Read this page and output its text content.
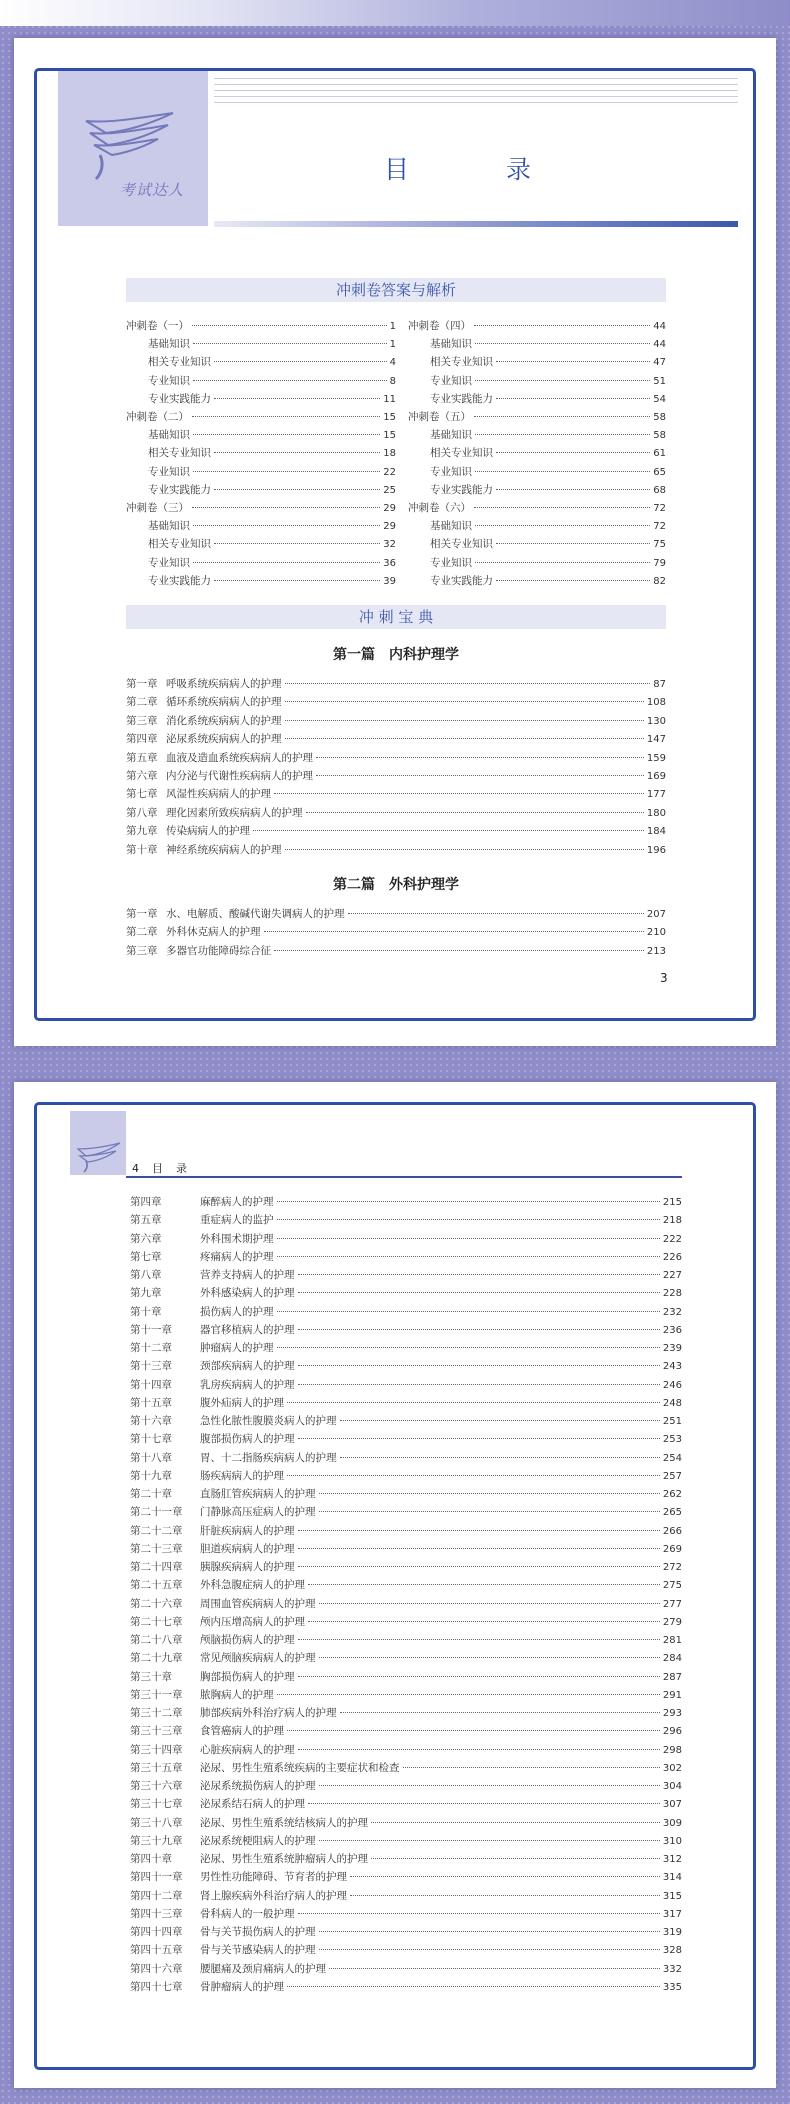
考试达人
目　录
冲刺卷答案与解析
冲刺卷（一）	1
基础知识	1
相关专业知识	4
专业知识	8
专业实践能力	11
冲刺卷（二）	15
基础知识	15
相关专业知识	18
专业知识	22
专业实践能力	25
冲刺卷（三）	29
基础知识	29
相关专业知识	32
专业知识	36
专业实践能力	39
冲刺卷（四）	44
基础知识	44
相关专业知识	47
专业知识	51
专业实践能力	54
冲刺卷（五）	58
基础知识	58
相关专业知识	61
专业知识	65
专业实践能力	68
冲刺卷（六）	72
基础知识	72
相关专业知识	75
专业知识	79
专业实践能力	82
冲 刺 宝 典
第一篇　内科护理学
第一章 呼吸系统疾病病人的护理	87
第二章 循环系统疾病病人的护理	108
第三章 消化系统疾病病人的护理	130
第四章 泌尿系统疾病病人的护理	147
第五章 血液及造血系统疾病病人的护理	159
第六章 内分泌与代谢性疾病病人的护理	169
第七章 风湿性疾病病人的护理	177
第八章 理化因素所致疾病病人的护理	180
第九章 传染病病人的护理	184
第十章 神经系统疾病病人的护理	196
第二篇　外科护理学
第一章 水、电解质、酸碱代谢失调病人的护理	207
第二章 外科休克病人的护理	210
第三章 多器官功能障碍综合征	213
3
4　目　录
第四章	麻醉病人的护理	215
第五章	重症病人的监护	218
第六章	外科围术期护理	222
第七章	疼痛病人的护理	226
第八章	营养支持病人的护理	227
第九章	外科感染病人的护理	228
第十章	损伤病人的护理	232
第十一章	器官移植病人的护理	236
第十二章	肿瘤病人的护理	239
第十三章	颈部疾病病人的护理	243
第十四章	乳房疾病病人的护理	246
第十五章	腹外疝病人的护理	248
第十六章	急性化脓性腹膜炎病人的护理	251
第十七章	腹部损伤病人的护理	253
第十八章	胃、十二指肠疾病病人的护理	254
第十九章	肠疾病病人的护理	257
第二十章	直肠肛管疾病病人的护理	262
第二十一章	门静脉高压症病人的护理	265
第二十二章	肝脏疾病病人的护理	266
第二十三章	胆道疾病病人的护理	269
第二十四章	胰腺疾病病人的护理	272
第二十五章	外科急腹症病人的护理	275
第二十六章	周围血管疾病病人的护理	277
第二十七章	颅内压增高病人的护理	279
第二十八章	颅脑损伤病人的护理	281
第二十九章	常见颅脑疾病病人的护理	284
第三十章	胸部损伤病人的护理	287
第三十一章	脓胸病人的护理	291
第三十二章	肺部疾病外科治疗病人的护理	293
第三十三章	食管癌病人的护理	296
第三十四章	心脏疾病病人的护理	298
第三十五章	泌尿、男性生殖系统疾病的主要症状和检查	302
第三十六章	泌尿系统损伤病人的护理	304
第三十七章	泌尿系结石病人的护理	307
第三十八章	泌尿、男性生殖系统结核病人的护理	309
第三十九章	泌尿系统梗阻病人的护理	310
第四十章	泌尿、男性生殖系统肿瘤病人的护理	312
第四十一章	男性性功能障碍、节育者的护理	314
第四十二章	肾上腺疾病外科治疗病人的护理	315
第四十三章	骨科病人的一般护理	317
第四十四章	骨与关节损伤病人的护理	319
第四十五章	骨与关节感染病人的护理	328
第四十六章	腰腿痛及颈肩痛病人的护理	332
第四十七章	骨肿瘤病人的护理	335
